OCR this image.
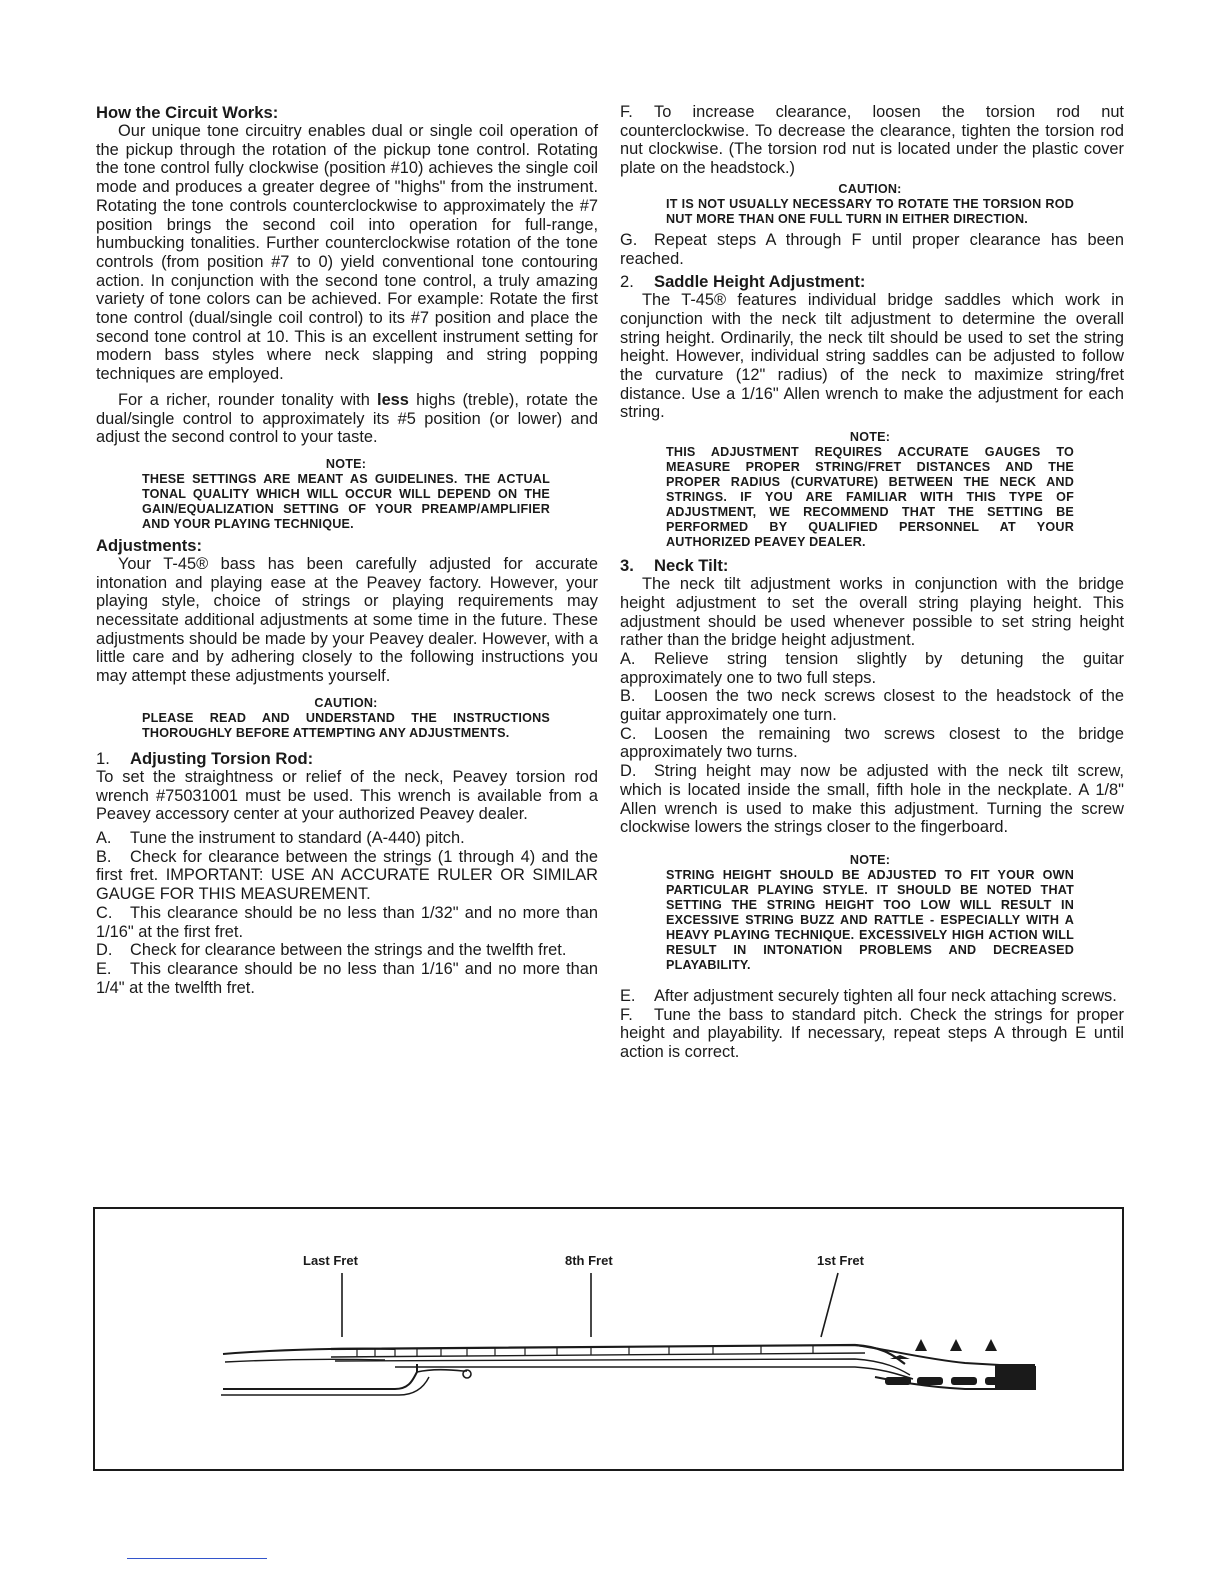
How the Circuit Works:

Our unique tone circuitry enables dual or single coil operation of the pickup through the rotation of the pickup tone control. Rotating the tone control fully clockwise (position #10) achieves the single coil mode and produces a greater degree of "highs" from the instrument. Rotating the tone controls counterclockwise to approximately the #7 position brings the second coil into operation for full-range, humbucking tonalities. Further counterclockwise rotation of the tone controls (from position #7 to 0) yield conventional tone contouring action. In conjunction with the second tone control, a truly amazing variety of tone colors can be achieved. For example: Rotate the first tone control (dual/single coil control) to its #7 position and place the second tone control at 10. This is an excellent instrument setting for modern bass styles where neck slapping and string popping techniques are employed.

For a richer, rounder tonality with less highs (treble), rotate the dual/single control to approximately its #5 position (or lower) and adjust the second control to your taste.

NOTE:
THESE SETTINGS ARE MEANT AS GUIDELINES. THE ACTUAL TONAL QUALITY WHICH WILL OCCUR WILL DEPEND ON THE GAIN/EQUALIZATION SETTING OF YOUR PREAMP/AMPLIFIER AND YOUR PLAYING TECHNIQUE.
Adjustments:

Your T-45® bass has been carefully adjusted for accurate intonation and playing ease at the Peavey factory. However, your playing style, choice of strings or playing requirements may necessitate additional adjustments at some time in the future. These adjustments should be made by your Peavey dealer. However, with a little care and by adhering closely to the following instructions you may attempt these adjustments yourself.

CAUTION:
PLEASE READ AND UNDERSTAND THE INSTRUCTIONS THOROUGHLY BEFORE ATTEMPTING ANY ADJUSTMENTS.
1. Adjusting Torsion Rod:

To set the straightness or relief of the neck, Peavey torsion rod wrench #75031001 must be used. This wrench is available from a Peavey accessory center at your authorized Peavey dealer.

A. Tune the instrument to standard (A-440) pitch.

B. Check for clearance between the strings (1 through 4) and the first fret. IMPORTANT: USE AN ACCURATE RULER OR SIMILAR GAUGE FOR THIS MEASUREMENT.

C. This clearance should be no less than 1/32" and no more than 1/16" at the first fret.

D. Check for clearance between the strings and the twelfth fret.

E. This clearance should be no less than 1/16" and no more than 1/4" at the twelfth fret.

F. To increase clearance, loosen the torsion rod nut counterclockwise. To decrease the clearance, tighten the torsion rod nut clockwise. (The torsion rod nut is located under the plastic cover plate on the headstock.)

CAUTION:
IT IS NOT USUALLY NECESSARY TO ROTATE THE TORSION ROD NUT MORE THAN ONE FULL TURN IN EITHER DIRECTION.

G. Repeat steps A through F until proper clearance has been reached.

2. Saddle Height Adjustment:

The T-45® features individual bridge saddles which work in conjunction with the neck tilt adjustment to determine the overall string height. Ordinarily, the neck tilt should be used to set the string height. However, individual string saddles can be adjusted to follow the curvature (12" radius) of the neck to maximize string/fret distance. Use a 1/16" Allen wrench to make the adjustment for each string.

NOTE:
THIS ADJUSTMENT REQUIRES ACCURATE GAUGES TO MEASURE PROPER STRING/FRET DISTANCES AND THE PROPER RADIUS (CURVATURE) BETWEEN THE NECK AND STRINGS. IF YOU ARE FAMILIAR WITH THIS TYPE OF ADJUSTMENT, WE RECOMMEND THAT THE SETTING BE PERFORMED BY QUALIFIED PERSONNEL AT YOUR AUTHORIZED PEAVEY DEALER.
3. Neck Tilt:

The neck tilt adjustment works in conjunction with the bridge height adjustment to set the overall string playing height. This adjustment should be used whenever possible to set string height rather than the bridge height adjustment.

A. Relieve string tension slightly by detuning the guitar approximately one to two full steps.

B. Loosen the two neck screws closest to the headstock of the guitar approximately one turn.

C. Loosen the remaining two screws closest to the bridge approximately two turns.

D. String height may now be adjusted with the neck tilt screw, which is located inside the small, fifth hole in the neckplate. A 1/8" Allen wrench is used to make this adjustment. Turning the screw clockwise lowers the strings closer to the fingerboard.

NOTE:
STRING HEIGHT SHOULD BE ADJUSTED TO FIT YOUR OWN PARTICULAR PLAYING STYLE. IT SHOULD BE NOTED THAT SETTING THE STRING HEIGHT TOO LOW WILL RESULT IN EXCESSIVE STRING BUZZ AND RATTLE - ESPECIALLY WITH A HEAVY PLAYING TECHNIQUE. EXCESSIVELY HIGH ACTION WILL RESULT IN INTONATION PROBLEMS AND DECREASED PLAYABILITY.

E. After adjustment securely tighten all four neck attaching screws.

F. Tune the bass to standard pitch. Check the strings for proper height and playability. If necessary, repeat steps A through E until action is correct.

Last Fret	8th Fret	1st Fret
